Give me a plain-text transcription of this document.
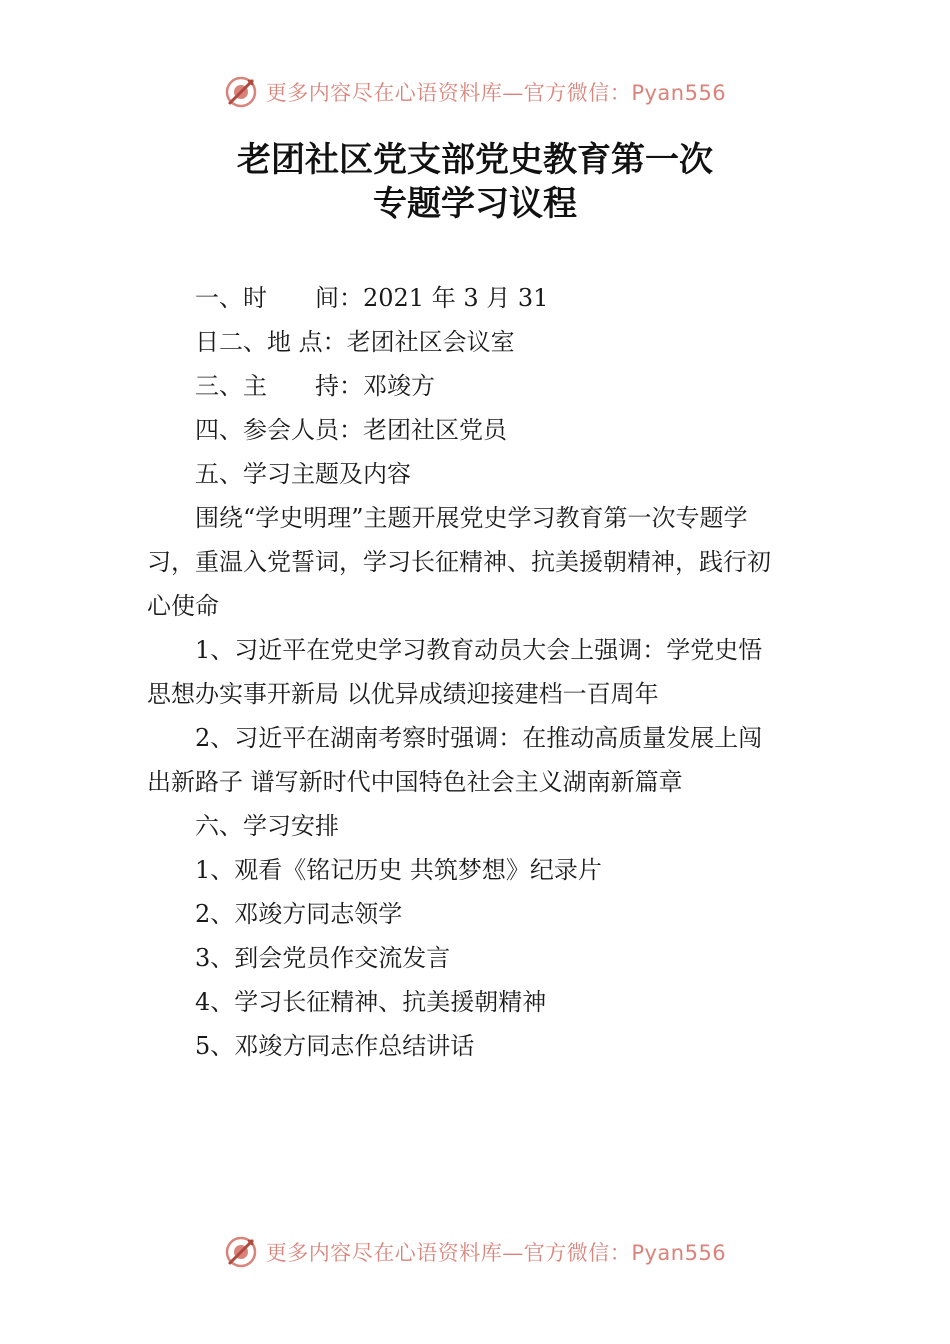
更多内容尽在心语资料库—官方微信：Pyan556
老团社区党支部党史教育第一次
专题学习议程
一、时　　间：2021 年 3 月 31
日二、地 点：老团社区会议室
三、主　　持：邓竣方
四、参会人员：老团社区党员
五、学习主题及内容
围绕“学史明理”主题开展党史学习教育第一次专题学
习，重温入党誓词，学习长征精神、抗美援朝精神，践行初
心使命
1、习近平在党史学习教育动员大会上强调：学党史悟
思想办实事开新局 以优异成绩迎接建档一百周年
2、习近平在湖南考察时强调：在推动高质量发展上闯
出新路子 谱写新时代中国特色社会主义湖南新篇章
六、学习安排
1、观看《铭记历史 共筑梦想》纪录片
2、邓竣方同志领学
3、到会党员作交流发言
4、学习长征精神、抗美援朝精神
5、邓竣方同志作总结讲话
更多内容尽在心语资料库—官方微信：Pyan556
